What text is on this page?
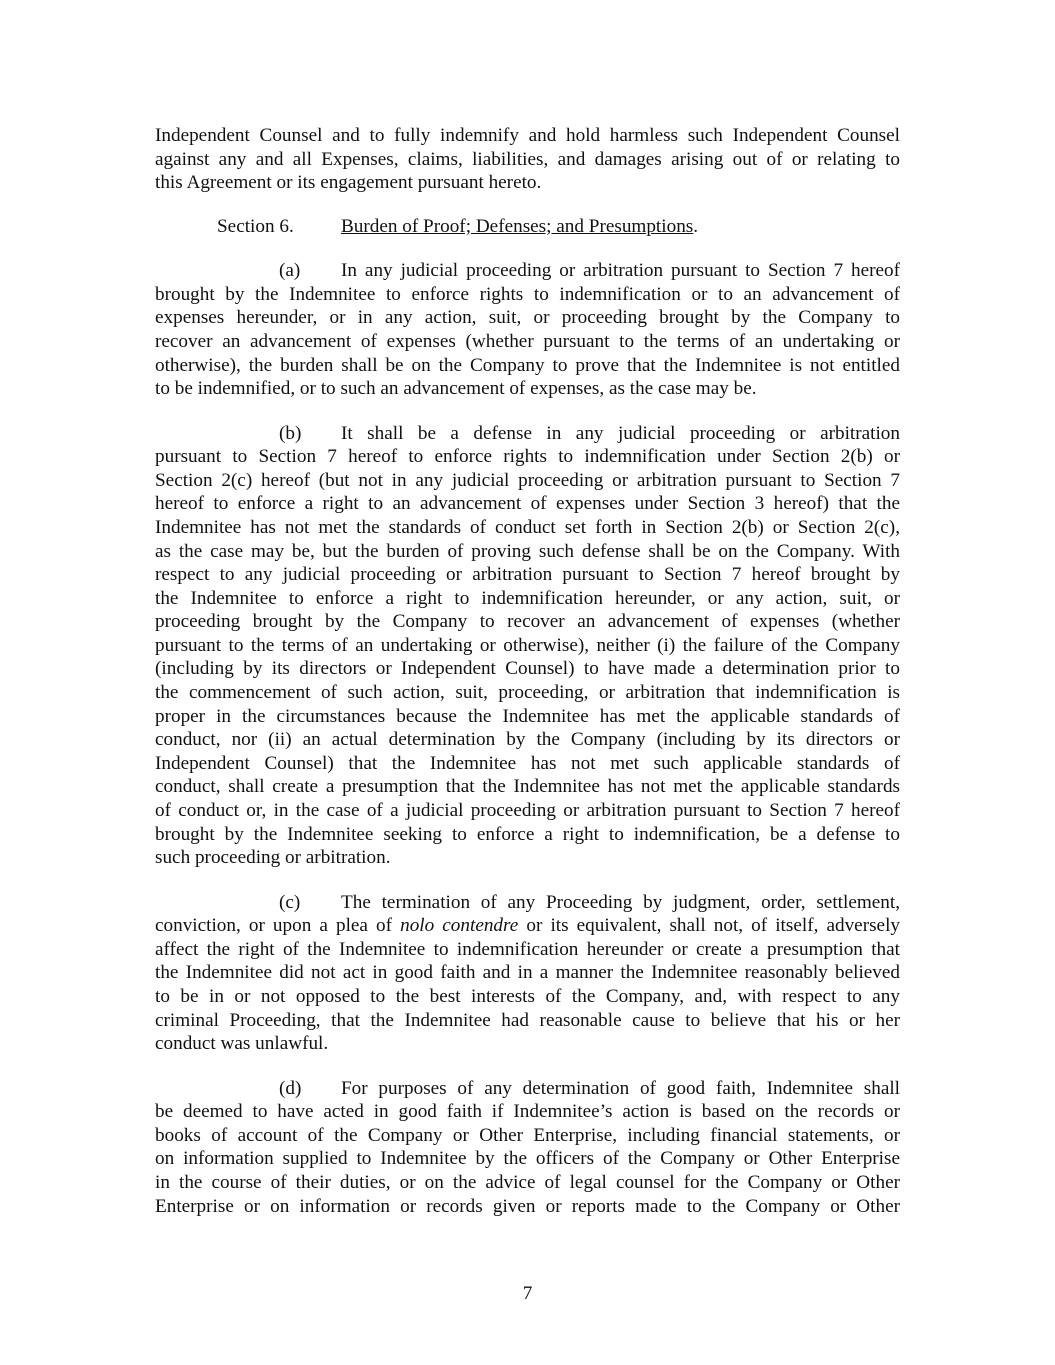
Independent Counsel and to fully indemnify and hold harmless such Independent Counsel
against any and all Expenses, claims, liabilities, and damages arising out of or relating to
this Agreement or its engagement pursuant hereto.

Section 6. Burden of Proof; Defenses; and Presumptions.

(a) In any judicial proceeding or arbitration pursuant to Section 7 hereof
brought by the Indemnitee to enforce rights to indemnification or to an advancement of
expenses hereunder, or in any action, suit, or proceeding brought by the Company to
recover an advancement of expenses (whether pursuant to the terms of an undertaking or
otherwise), the burden shall be on the Company to prove that the Indemnitee is not entitled
to be indemnified, or to such an advancement of expenses, as the case may be.

(b) It shall be a defense in any judicial proceeding or arbitration
pursuant to Section 7 hereof to enforce rights to indemnification under Section 2(b) or
Section 2(c) hereof (but not in any judicial proceeding or arbitration pursuant to Section 7
hereof to enforce a right to an advancement of expenses under Section 3 hereof) that the
Indemnitee has not met the standards of conduct set forth in Section 2(b) or Section 2(c),
as the case may be, but the burden of proving such defense shall be on the Company. With
respect to any judicial proceeding or arbitration pursuant to Section 7 hereof brought by
the Indemnitee to enforce a right to indemnification hereunder, or any action, suit, or
proceeding brought by the Company to recover an advancement of expenses (whether
pursuant to the terms of an undertaking or otherwise), neither (i) the failure of the Company
(including by its directors or Independent Counsel) to have made a determination prior to
the commencement of such action, suit, proceeding, or arbitration that indemnification is
proper in the circumstances because the Indemnitee has met the applicable standards of
conduct, nor (ii) an actual determination by the Company (including by its directors or
Independent Counsel) that the Indemnitee has not met such applicable standards of
conduct, shall create a presumption that the Indemnitee has not met the applicable standards
of conduct or, in the case of a judicial proceeding or arbitration pursuant to Section 7 hereof
brought by the Indemnitee seeking to enforce a right to indemnification, be a defense to
such proceeding or arbitration.

(c) The termination of any Proceeding by judgment, order, settlement,
conviction, or upon a plea of nolo contendre or its equivalent, shall not, of itself, adversely
affect the right of the Indemnitee to indemnification hereunder or create a presumption that
the Indemnitee did not act in good faith and in a manner the Indemnitee reasonably believed
to be in or not opposed to the best interests of the Company, and, with respect to any
criminal Proceeding, that the Indemnitee had reasonable cause to believe that his or her
conduct was unlawful.

(d) For purposes of any determination of good faith, Indemnitee shall
be deemed to have acted in good faith if Indemnitee’s action is based on the records or
books of account of the Company or Other Enterprise, including financial statements, or
on information supplied to Indemnitee by the officers of the Company or Other Enterprise
in the course of their duties, or on the advice of legal counsel for the Company or Other
Enterprise or on information or records given or reports made to the Company or Other

7
